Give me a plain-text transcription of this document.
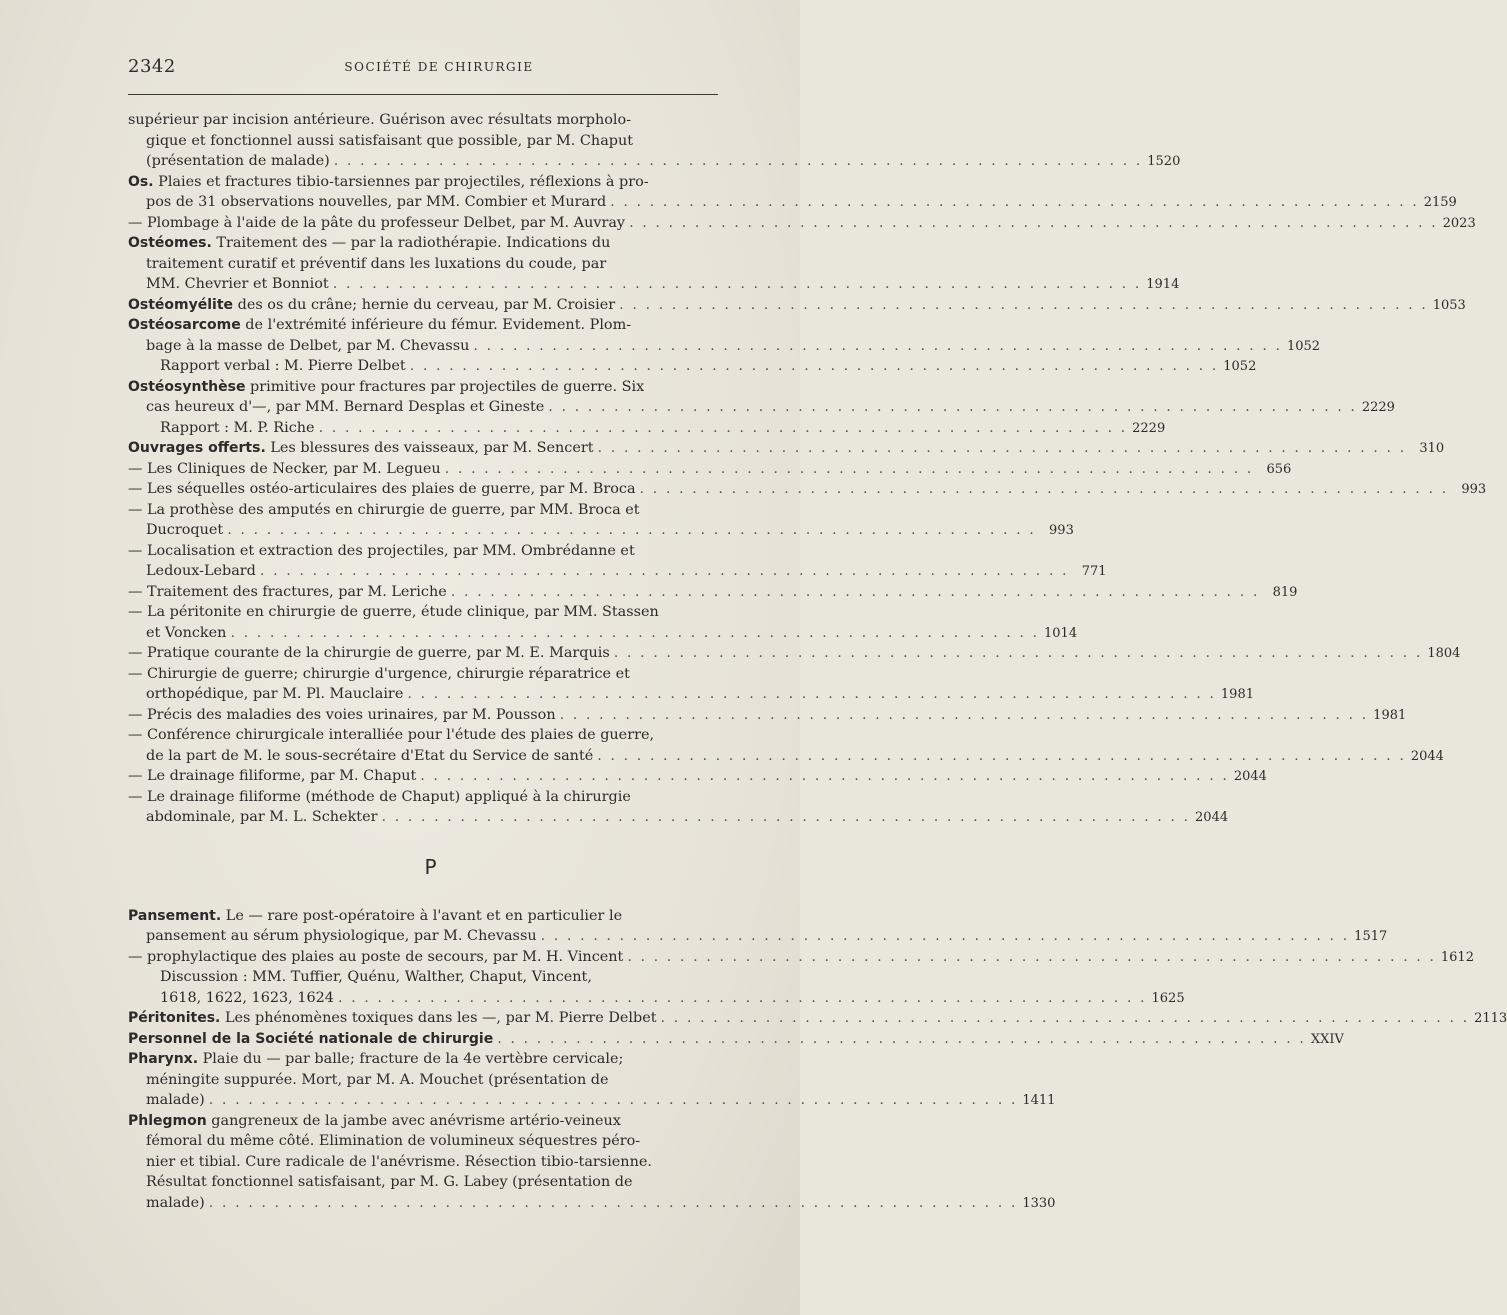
2342	SOCIÉTÉ DE CHIRURGIE
supérieur par incision antérieure. Guérison avec résultats morpholo-
gique et fonctionnel aussi satisfaisant que possible, par M. Chaput
(présentation de malade) . . .	1520
Os. Plaies et fractures tibio-tarsiennes par projectiles, réflexions à pro-
pos de 31 observations nouvelles, par MM. Combier et Murard . . .	2159
— Plombage à l'aide de la pâte du professeur Delbet, par M. Auvray . . .	2023
Ostéomes. Traitement des — par la radiothérapie. Indications du
traitement curatif et préventif dans les luxations du coude, par
MM. Chevrier et Bonniot . . .	1914
Ostéomyélite des os du crâne; hernie du cerveau, par M. Croisier . . .	1053
Ostéosarcome de l'extrémité inférieure du fémur. Evidement. Plom-
bage à la masse de Delbet, par M. Chevassu . . .	1052
Rapport verbal : M. Pierre Delbet . . .	1052
Ostéosynthèse primitive pour fractures par projectiles de guerre. Six
cas heureux d'—, par MM. Bernard Desplas et Gineste . . .	2229
Rapport : M. P. Riche . . .	2229
Ouvrages offerts. Les blessures des vaisseaux, par M. Sencert . . .	310
— Les Cliniques de Necker, par M. Legueu . . .	656
— Les séquelles ostéo-articulaires des plaies de guerre, par M. Broca . . .	993
— La prothèse des amputés en chirurgie de guerre, par MM. Broca et
Ducroquet . . .	993
— Localisation et extraction des projectiles, par MM. Ombrédanne et
Ledoux-Lebard . . .	771
— Traitement des fractures, par M. Leriche . . .	819
— La péritonite en chirurgie de guerre, étude clinique, par MM. Stassen
et Voncken . . .	1014
— Pratique courante de la chirurgie de guerre, par M. E. Marquis . . .	1804
— Chirurgie de guerre; chirurgie d'urgence, chirurgie réparatrice et
orthopédique, par M. Pl. Mauclaire . . .	1981
— Précis des maladies des voies urinaires, par M. Pousson . . .	1981
— Conférence chirurgicale interalliée pour l'étude des plaies de guerre,
de la part de M. le sous-secrétaire d'Etat du Service de santé . . .	2044
— Le drainage filiforme, par M. Chaput . . .	2044
— Le drainage filiforme (méthode de Chaput) appliqué à la chirurgie
abdominale, par M. L. Schekter . . .	2044
P
Pansement. Le — rare post-opératoire à l'avant et en particulier le
pansement au sérum physiologique, par M. Chevassu . . .	1517
— prophylactique des plaies au poste de secours, par M. H. Vincent . . .	1612
Discussion : MM. Tuffier, Quénu, Walther, Chaput, Vincent,
1618, 1622, 1623, 1624 . . .	1625
Péritonites. Les phénomènes toxiques dans les —, par M. Pierre Delbet . . .	2113
Personnel de la Société nationale de chirurgie . . .	XXIV
Pharynx. Plaie du — par balle; fracture de la 4e vertèbre cervicale;
méningite suppurée. Mort, par M. A. Mouchet (présentation de
malade) . . .	1411
Phlegmon gangreneux de la jambe avec anévrisme artério-veineux
fémoral du même côté. Elimination de volumineux séquestres péro-
nier et tibial. Cure radicale de l'anévrisme. Résection tibio-tarsienne.
Résultat fonctionnel satisfaisant, par M. G. Labey (présentation de
malade) . . .	1330
